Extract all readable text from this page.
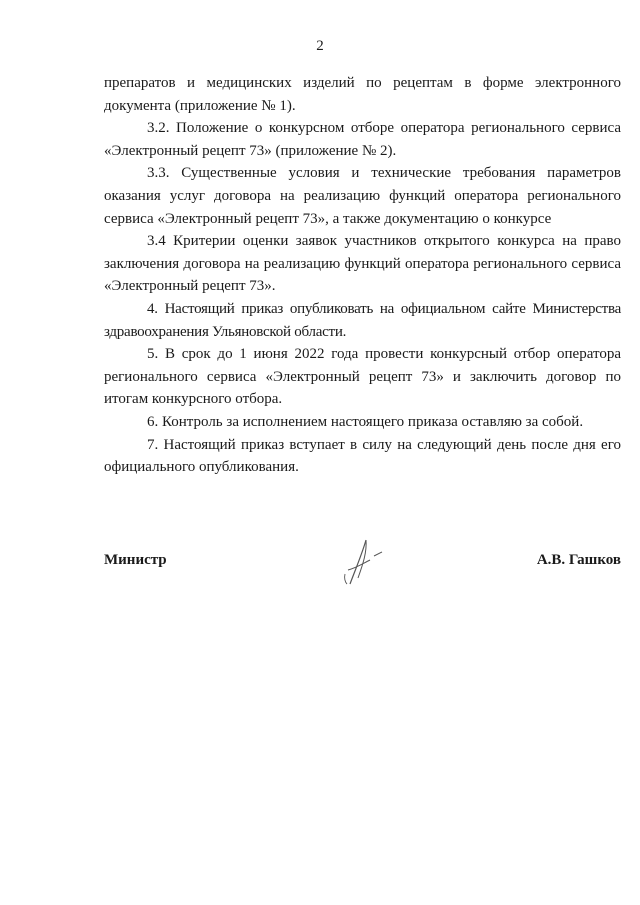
2

препаратов и медицинских изделий по рецептам в форме электронного документа (приложение № 1).

3.2. Положение о конкурсном отборе оператора регионального сервиса «Электронный рецепт 73» (приложение № 2).

3.3. Существенные условия и технические требования параметров оказания услуг договора на реализацию функций оператора регионального сервиса «Электронный рецепт 73», а также документацию о конкурсе

3.4 Критерии оценки заявок участников открытого конкурса на право заключения договора на реализацию функций оператора регионального сервиса «Электронный рецепт 73».

4. Настоящий приказ опубликовать на официальном сайте Министерства здравоохранения Ульяновской области.

5. В срок до 1 июня 2022 года провести конкурсный отбор оператора регионального сервиса «Электронный рецепт 73» и заключить договор по итогам конкурсного отбора.

6. Контроль за исполнением настоящего приказа оставляю за собой.

7. Настоящий приказ вступает в силу на следующий день после дня его официального опубликования.

Министр	А.В. Гашков
